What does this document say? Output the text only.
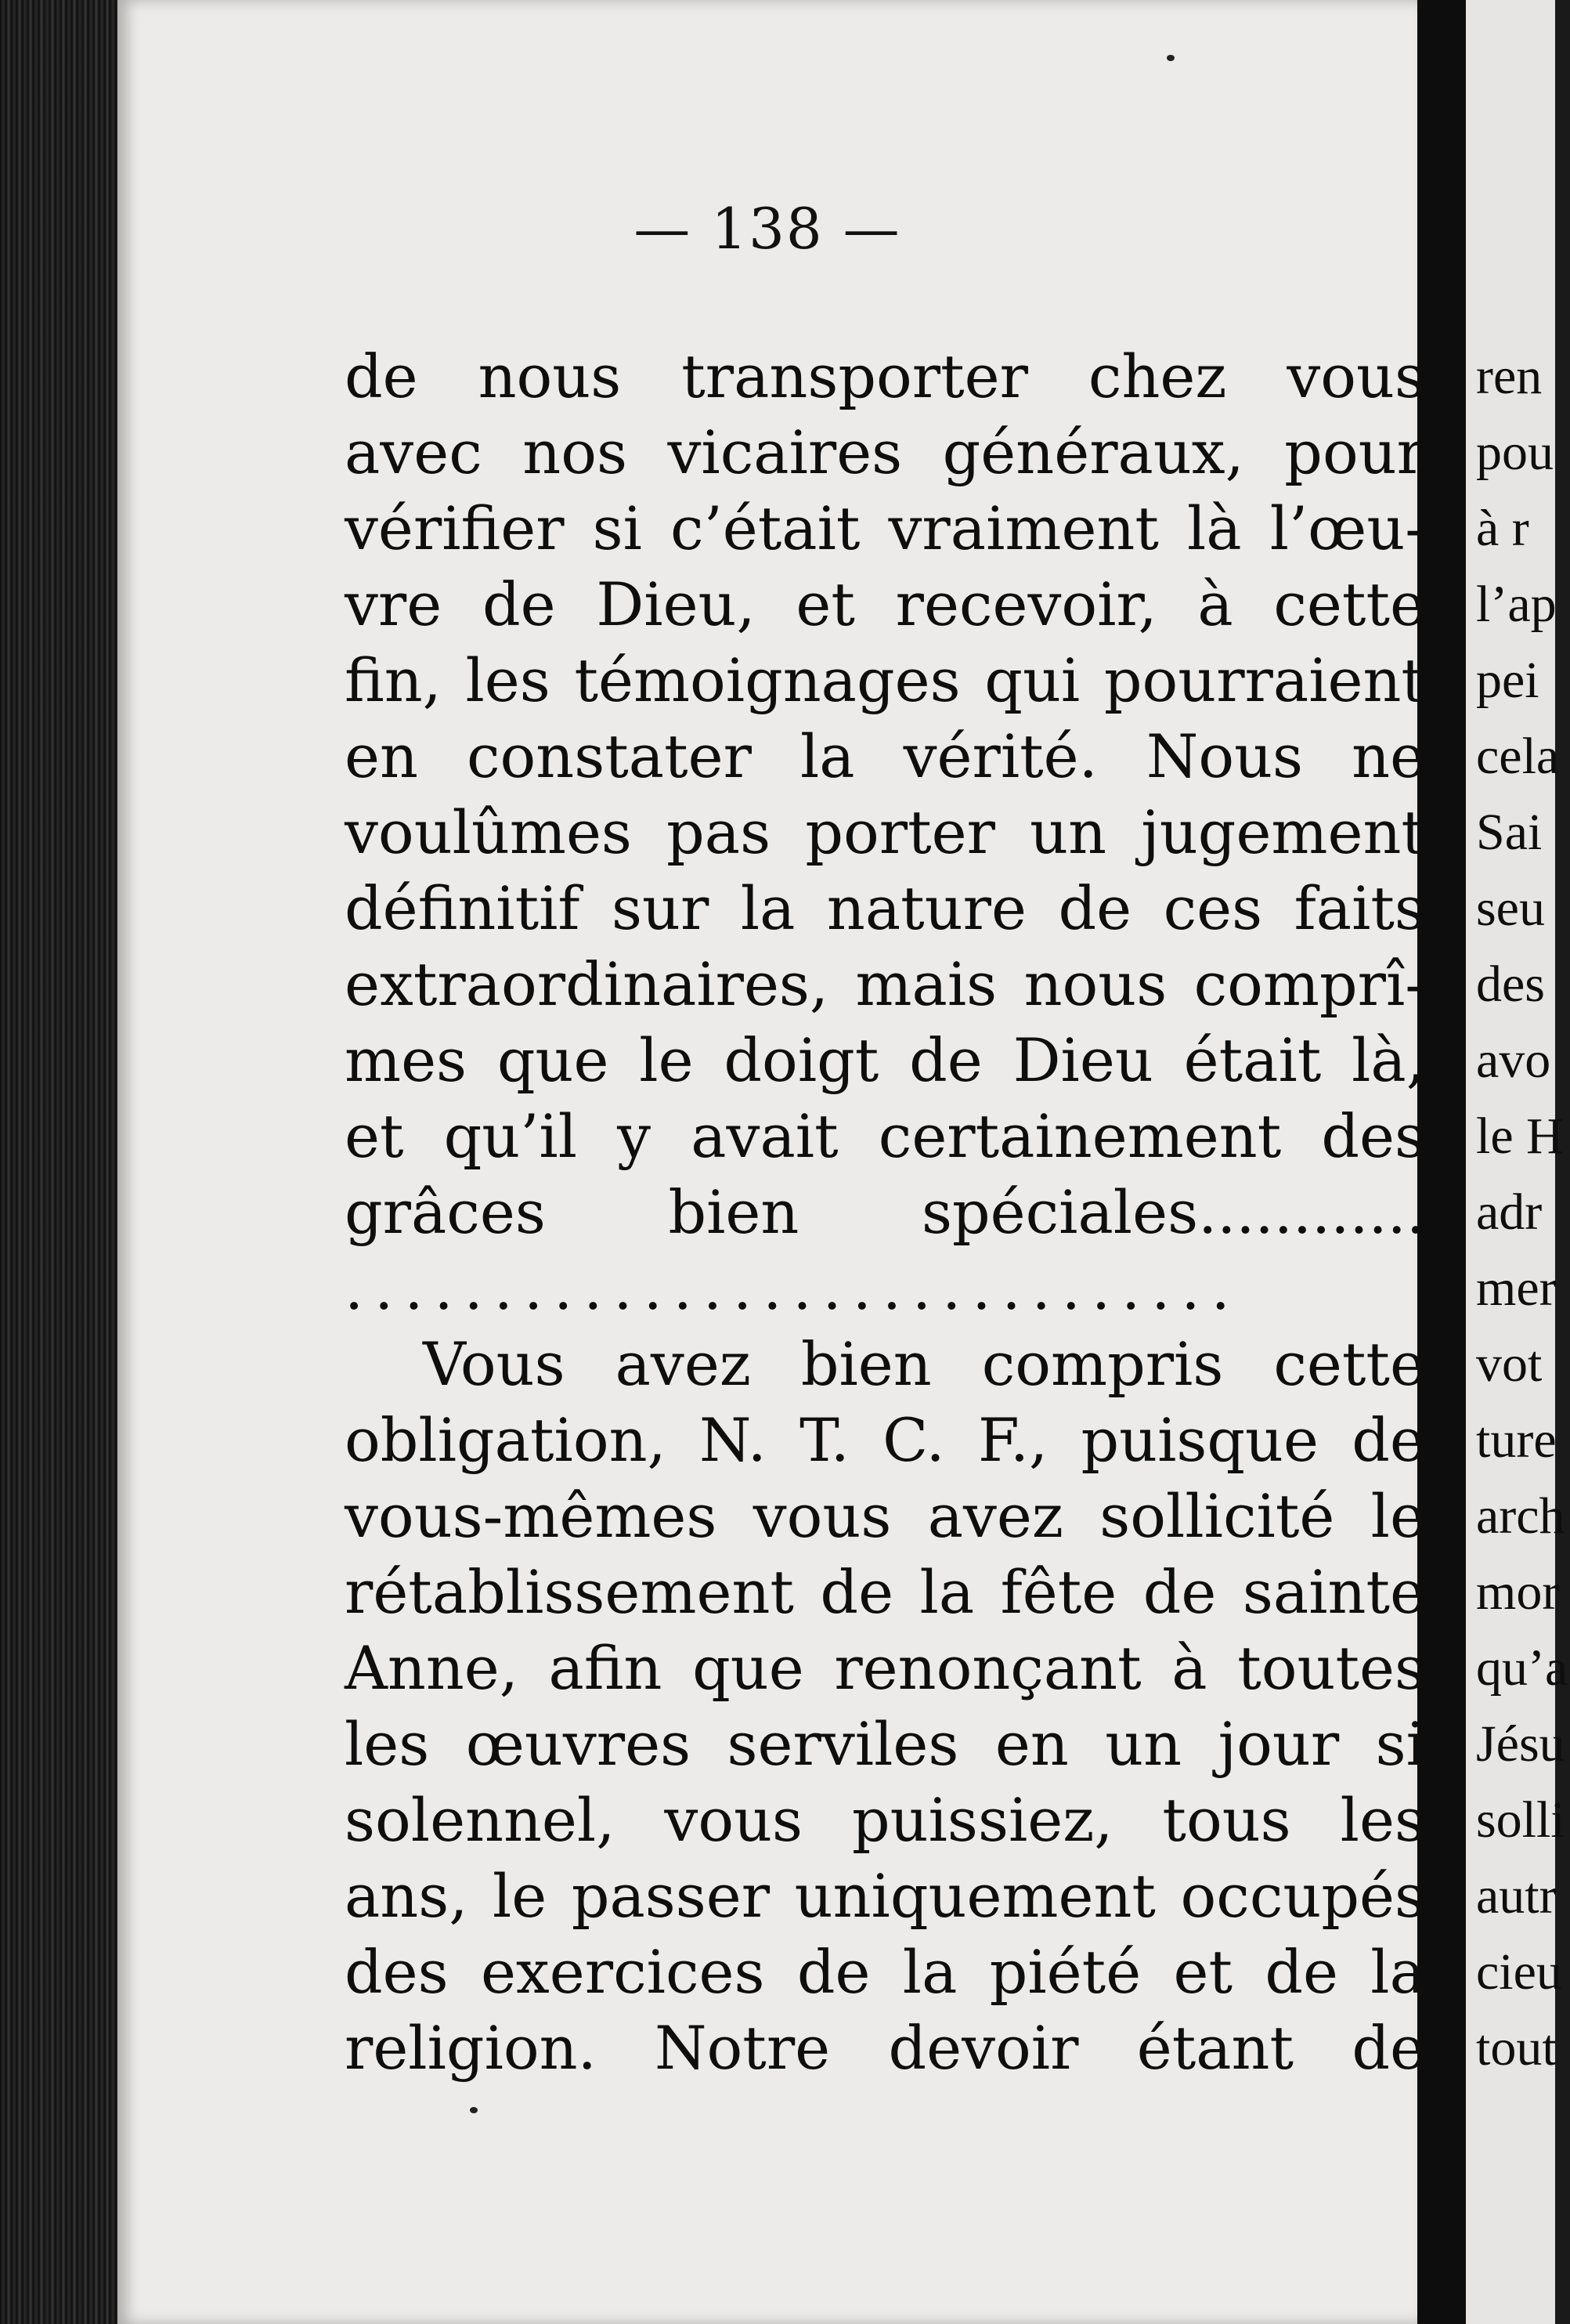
— 138 —
de nous transporter chez vous
avec nos vicaires généraux, pour
vérifier si c’était vraiment là l’œu-
vre de Dieu, et recevoir, à cette
fin, les témoignages qui pourraient
en constater la vérité. Nous ne
voulûmes pas porter un jugement
définitif sur la nature de ces faits
extraordinaires, mais nous comprî-
mes que le doigt de Dieu était là,
et qu’il y avait certainement des
grâces bien spéciales............
..............................
Vous avez bien compris cette
obligation, N. T. C. F., puisque de
vous-mêmes vous avez sollicité le
rétablissement de la fête de sainte
Anne, afin que renonçant à toutes
les œuvres serviles en un jour si
solennel, vous puissiez, tous les
ans, le passer uniquement occupés
des exercices de la piété et de la
religion. Notre devoir étant de
ren
pou
à r
l’ap
pei
cela
Sai
seu
des
avo
le H
adr
mer
vot
ture
arch
mor
qu’a
Jésu
solli
autr
cieu
tout
